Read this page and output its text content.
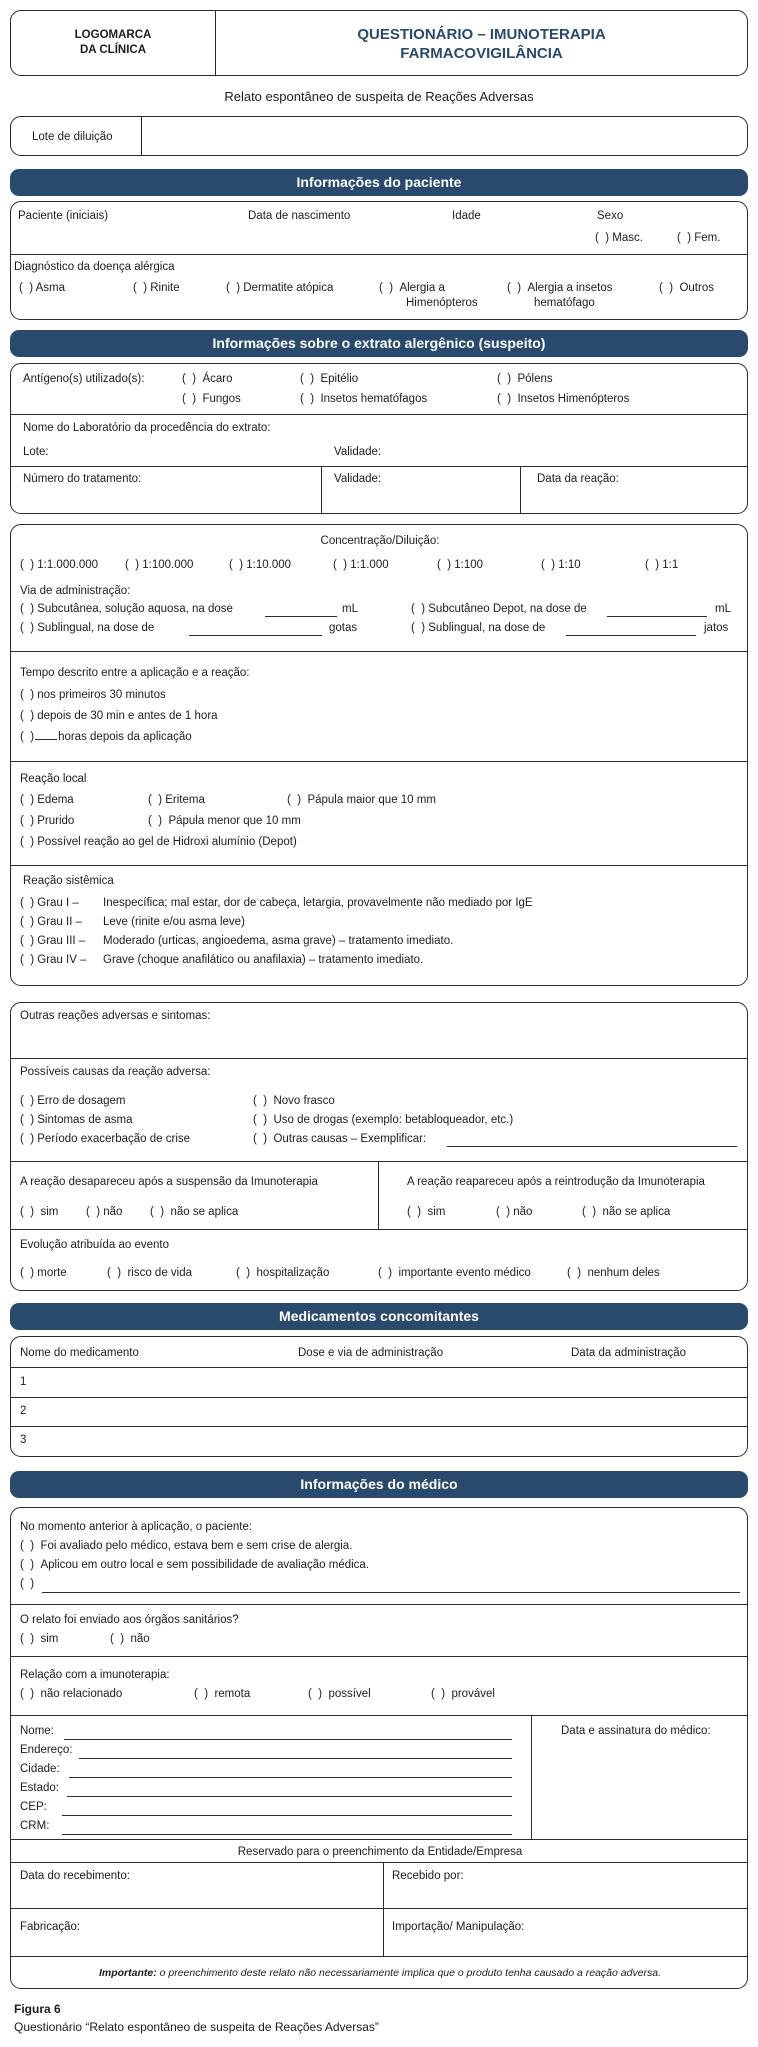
LOGOMARCA
DA CLÍNICA
QUESTIONÁRIO – IMUNOTERAPIA
FARMACOVIGILÂNCIA
Relato espontâneo de suspeita de Reações Adversas
Lote de diluição
Informações do paciente
Paciente (iniciais)	Data de nascimento	Idade	Sexo
(  ) Masc.	(  ) Fem.
Diagnóstico da doença alérgica
(  ) Asma	(  ) Rinite	(  ) Dermatite atópica	(  )  Alergia a
Himenópteros
(  )  Alergia a insetos
hematófago
(  )  Outros
Informações sobre o extrato alergênico (suspeito)
Antígeno(s) utilizado(s):	(  )  Ácaro	(  )  Epitélio	(  )  Pólens
(  )  Fungos	(  )  Insetos hematófagos	(  )  Insetos Himenópteros
Nome do Laboratório da procedência do extrato:
Lote:	Validade:
Número do tratamento:	Validade:	Data da reação:
Concentração/Diluição:
(  ) 1:1.000.000 (  ) 1:100.000	(  ) 1:10.000	(  ) 1:1.000	(  ) 1:100	(  ) 1:10	(  ) 1:1
Via de administração:
(  ) Subcutânea, solução aquosa, na dose	mL	(  ) Subcutâneo Depot, na dose de	mL
(  ) Sublingual, na dose de	gotas	(  ) Sublingual, na dose de	jatos
Tempo descrito entre a aplicação e a reação:
(  ) nos primeiros 30 minutos
(  ) depois de 30 min e antes de 1 hora
(  ) horas depois da aplicação
Reação local
(  ) Edema	(  ) Eritema	(  )  Pápula maior que 10 mm
(  ) Prurido	(  )  Pápula menor que 10 mm
(  ) Possível reação ao gel de Hidroxi alumínio (Depot)
Reação sistêmica
(  ) Grau I – Inespecífica; mal estar, dor de cabeça, letargia, provavelmente não mediado por IgE
(  ) Grau II – Leve (rinite e/ou asma leve)
(  ) Grau III – Moderado (urticas, angioedema, asma grave) – tratamento imediato.
(  ) Grau IV – Grave (choque anafilático ou anafilaxia) – tratamento imediato.
Outras reações adversas e sintomas:
Possíveis causas da reação adversa:
(  ) Erro de dosagem
(  ) Sintomas de asma
(  ) Período exacerbação de crise
(  )  Novo frasco
(  )  Uso de drogas (exemplo: betabloqueador, etc.)
(  )  Outras causas – Exemplificar:
A reação desapareceu após a suspensão da Imunoterapia
(  )  sim (  ) não (  )  não se aplica
A reação reapareceu após a reintrodução da Imunoterapia
(  )  sim	(  ) não	(  )  não se aplica
Evolução atribuída ao evento
(  ) morte	(  )  risco de vida	(  )  hospitalização	(  )  importante evento médico	(  )  nenhum deles
Medicamentos concomitantes
Nome do medicamento	Dose e via de administração	Data da administração
1
2
3
Informações do médico
No momento anterior à aplicação, o paciente:
(  )  Foi avaliado pelo médico, estava bem e sem crise de alergia.
(  )  Aplicou em outro local e sem possibilidade de avaliação médica.
(  )
O relato foi enviado aos órgãos sanitários?
(  )  sim	(  )  não
Relação com a imunoterapia:
(  )  não relacionado	(  )  remota	(  )  possível	(  )  provável
Nome:
Endereço:
Cidade:
Estado:
CEP:
CRM:
Data e assinatura do médico:
Reservado para o preenchimento da Entidade/Empresa
Data do recebimento:	Recebido por:
Fabricação:	Importação/ Manipulação:
Importante: o preenchimento deste relato não necessariamente implica que o produto tenha causado a reação adversa.
Figura 6
Questionário “Relato espontâneo de suspeita de Reações Adversas”
